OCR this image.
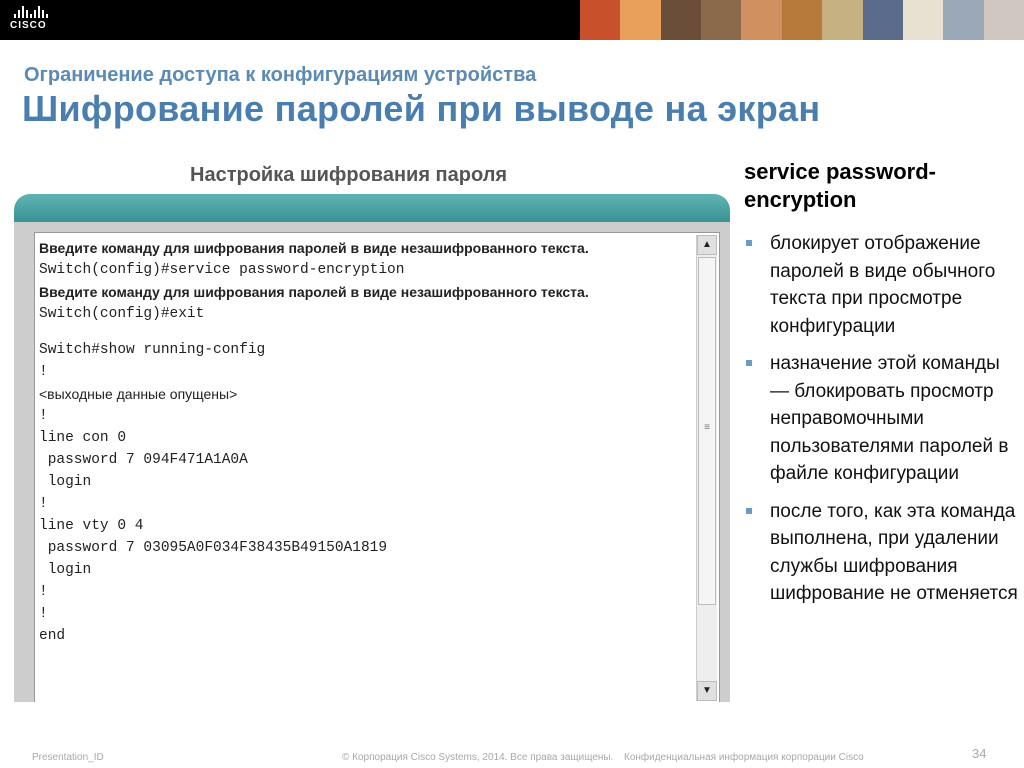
CISCO
Ограничение доступа к конфигурациям устройства
Шифрование паролей при выводе на экран
Настройка шифрования пароля
Введите команду для шифрования паролей в виде незашифрованного текста.
Switch(config)#service password-encryption
Введите команду для шифрования паролей в виде незашифрованного текста.
Switch(config)#exit
Switch#show running-config
!
<выходные данные опущены>
!
line con 0
password 7 094F471A1A0A
login
!
line vty 0 4
password 7 03095A0F034F38435B49150A1819
login
!
!
end
▲
≡
▼
service password-encryption
блокирует отображение паролей в виде обычного текста при просмотре конфигурации
назначение этой команды — блокировать просмотр неправомочными пользователями паролей в файле конфигурации
после того, как эта команда выполнена, при удалении службы шифрования шифрование не отменяется
Presentation_ID	© Корпорация Cisco Systems, 2014. Все права защищены. Конфиденциальная информация корпорации Cisco	34
